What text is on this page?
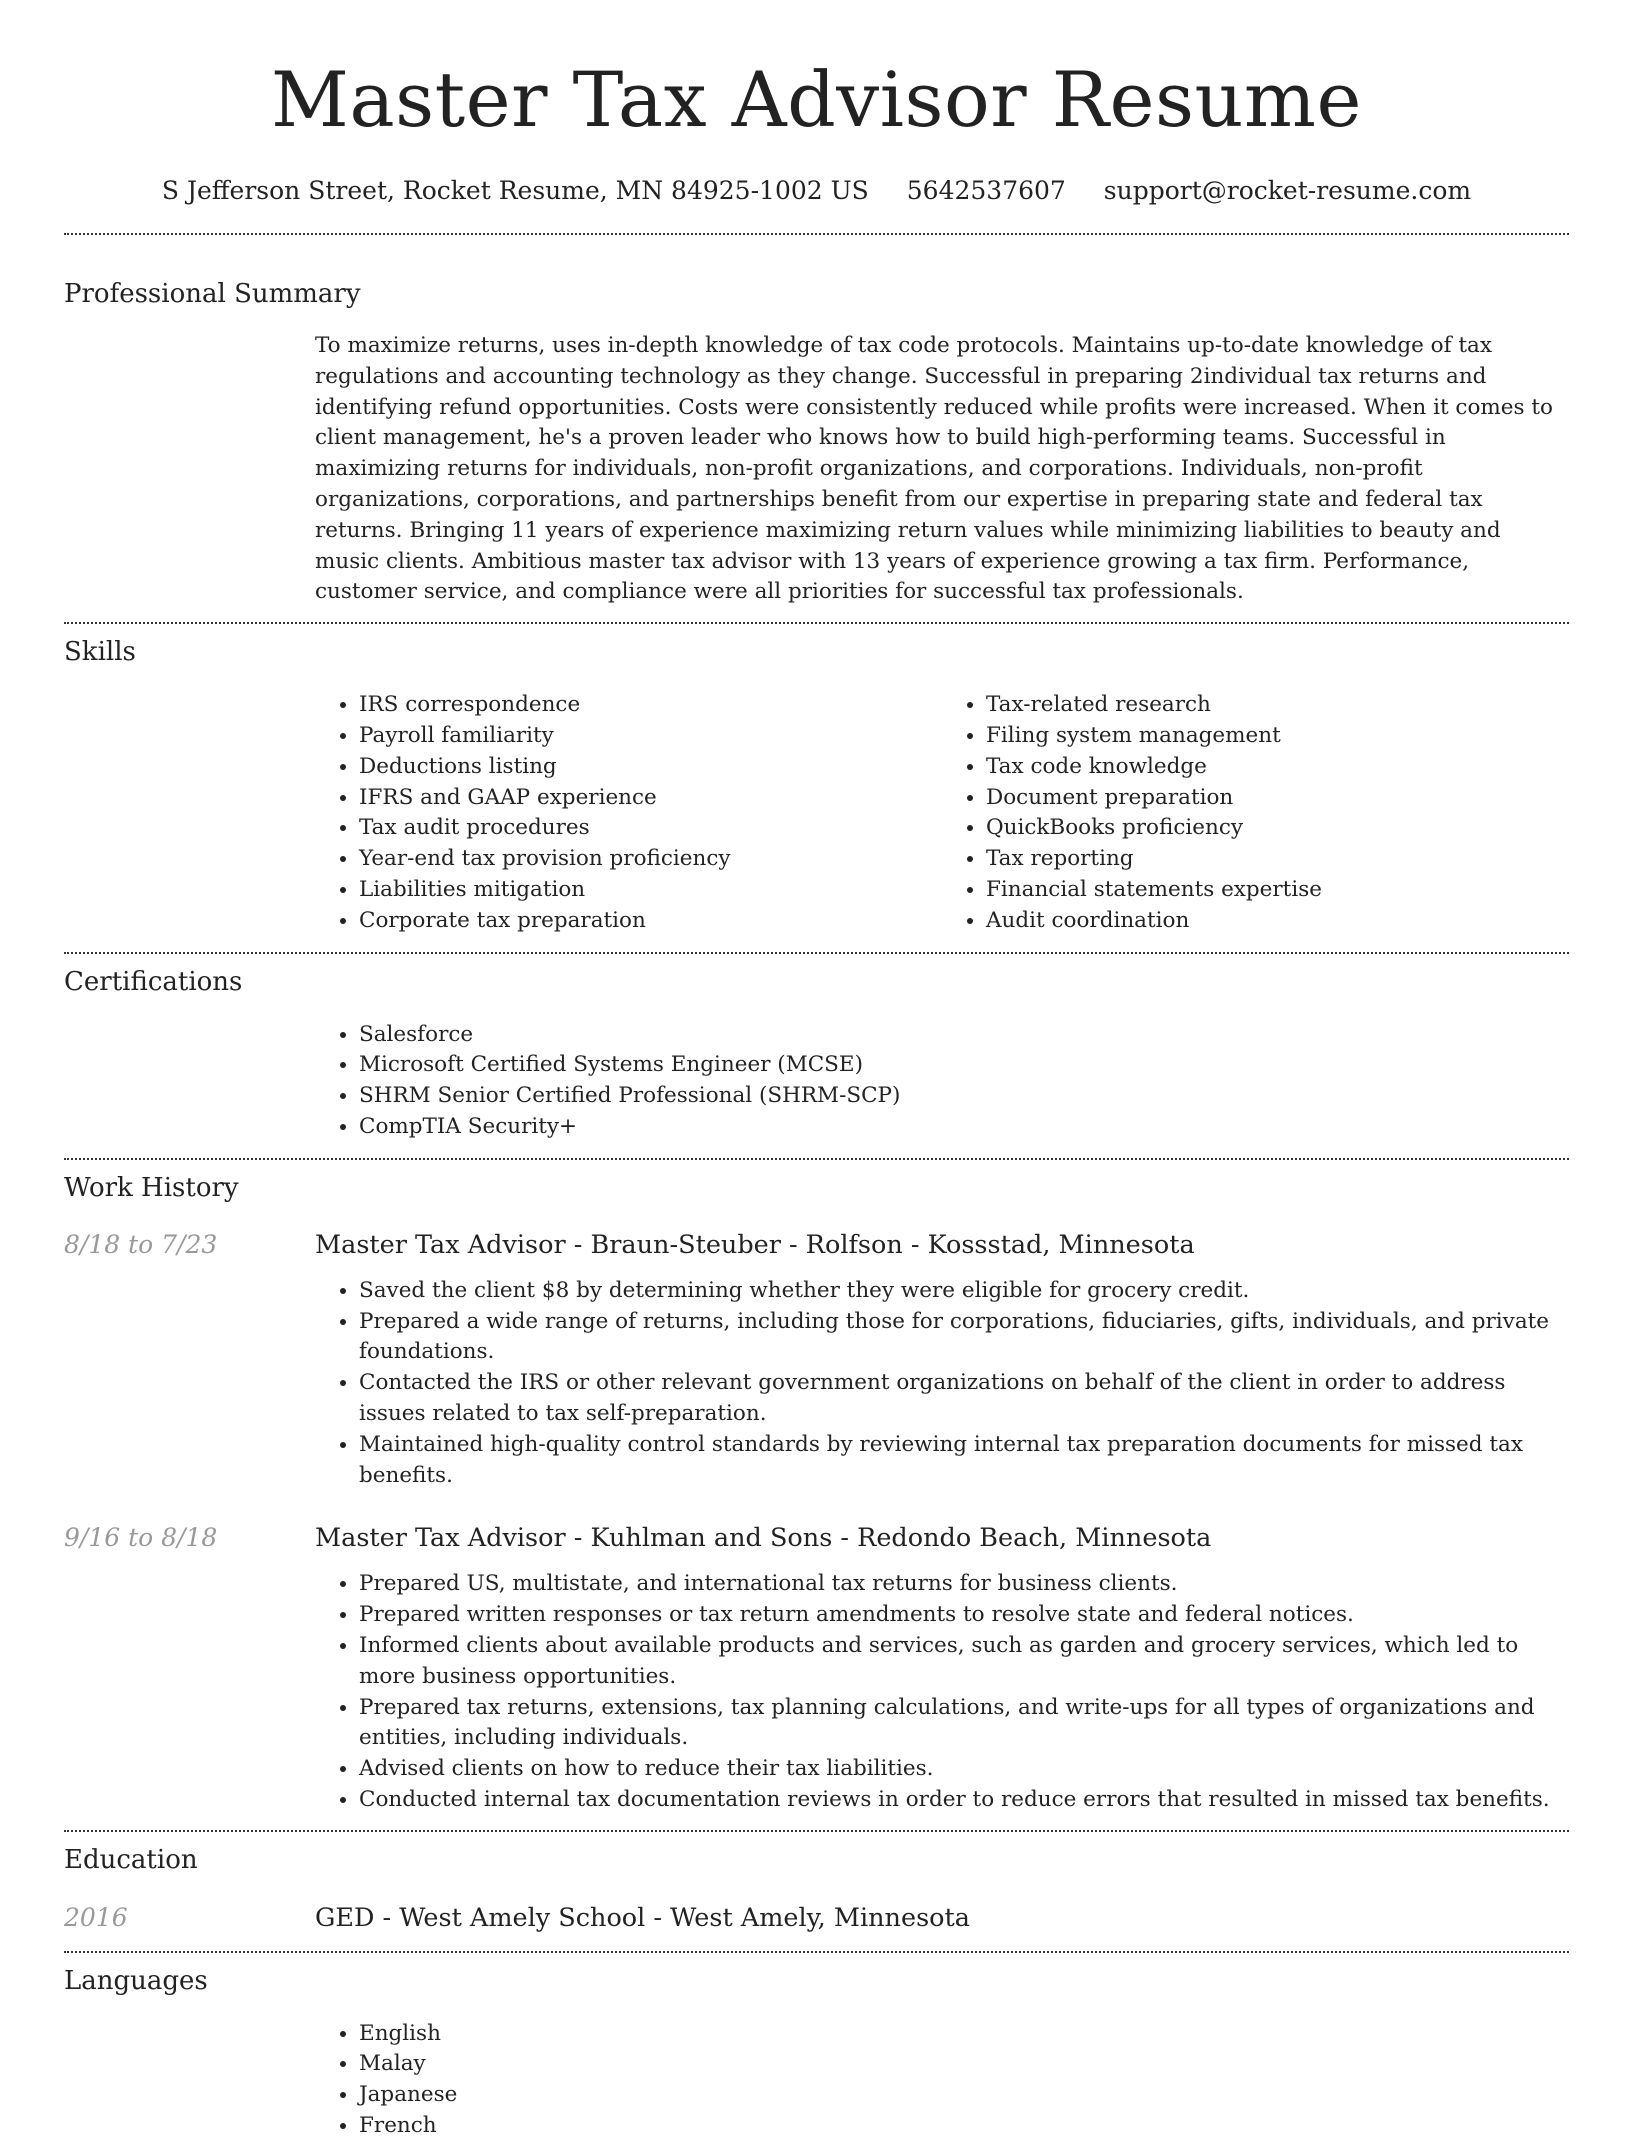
Master Tax Advisor Resume
S Jefferson Street, Rocket Resume, MN 84925-1002 US 5642537607 support@rocket-resume.com
Professional Summary

To maximize returns, uses in-depth knowledge of tax code protocols. Maintains up-to-date knowledge of tax regulations and accounting technology as they change. Successful in preparing 2individual tax returns and identifying refund opportunities. Costs were consistently reduced while profits were increased. When it comes to client management, he's a proven leader who knows how to build high-performing teams. Successful in maximizing returns for individuals, non-profit organizations, and corporations. Individuals, non-profit organizations, corporations, and partnerships benefit from our expertise in preparing state and federal tax returns. Bringing 11 years of experience maximizing return values while minimizing liabilities to beauty and music clients. Ambitious master tax advisor with 13 years of experience growing a tax firm. Performance, customer service, and compliance were all priorities for successful tax professionals.

Skills
• IRS correspondence
• Payroll familiarity
• Deductions listing
• IFRS and GAAP experience
• Tax audit procedures
• Year-end tax provision proficiency
• Liabilities mitigation
• Corporate tax preparation
• Tax-related research
• Filing system management
• Tax code knowledge
• Document preparation
• QuickBooks proficiency
• Tax reporting
• Financial statements expertise
• Audit coordination
Certifications
• Salesforce
• Microsoft Certified Systems Engineer (MCSE)
• SHRM Senior Certified Professional (SHRM-SCP)
• CompTIA Security+
Work History
8/18 to 7/23	Master Tax Advisor - Braun-Steuber - Rolfson - Kossstad, Minnesota

• Saved the client $8 by determining whether they were eligible for grocery credit.
• Prepared a wide range of returns, including those for corporations, fiduciaries, gifts, individuals, and private foundations.
• Contacted the IRS or other relevant government organizations on behalf of the client in order to address issues related to tax self-preparation.
• Maintained high-quality control standards by reviewing internal tax preparation documents for missed tax benefits.
9/16 to 8/18	Master Tax Advisor - Kuhlman and Sons - Redondo Beach, Minnesota

• Prepared US, multistate, and international tax returns for business clients.
• Prepared written responses or tax return amendments to resolve state and federal notices.
• Informed clients about available products and services, such as garden and grocery services, which led to more business opportunities.
• Prepared tax returns, extensions, tax planning calculations, and write-ups for all types of organizations and entities, including individuals.
• Advised clients on how to reduce their tax liabilities.
• Conducted internal tax documentation reviews in order to reduce errors that resulted in missed tax benefits.
Education
2016	GED - West Amely School - West Amely, Minnesota

Languages
• English
• Malay
• Japanese
• French
